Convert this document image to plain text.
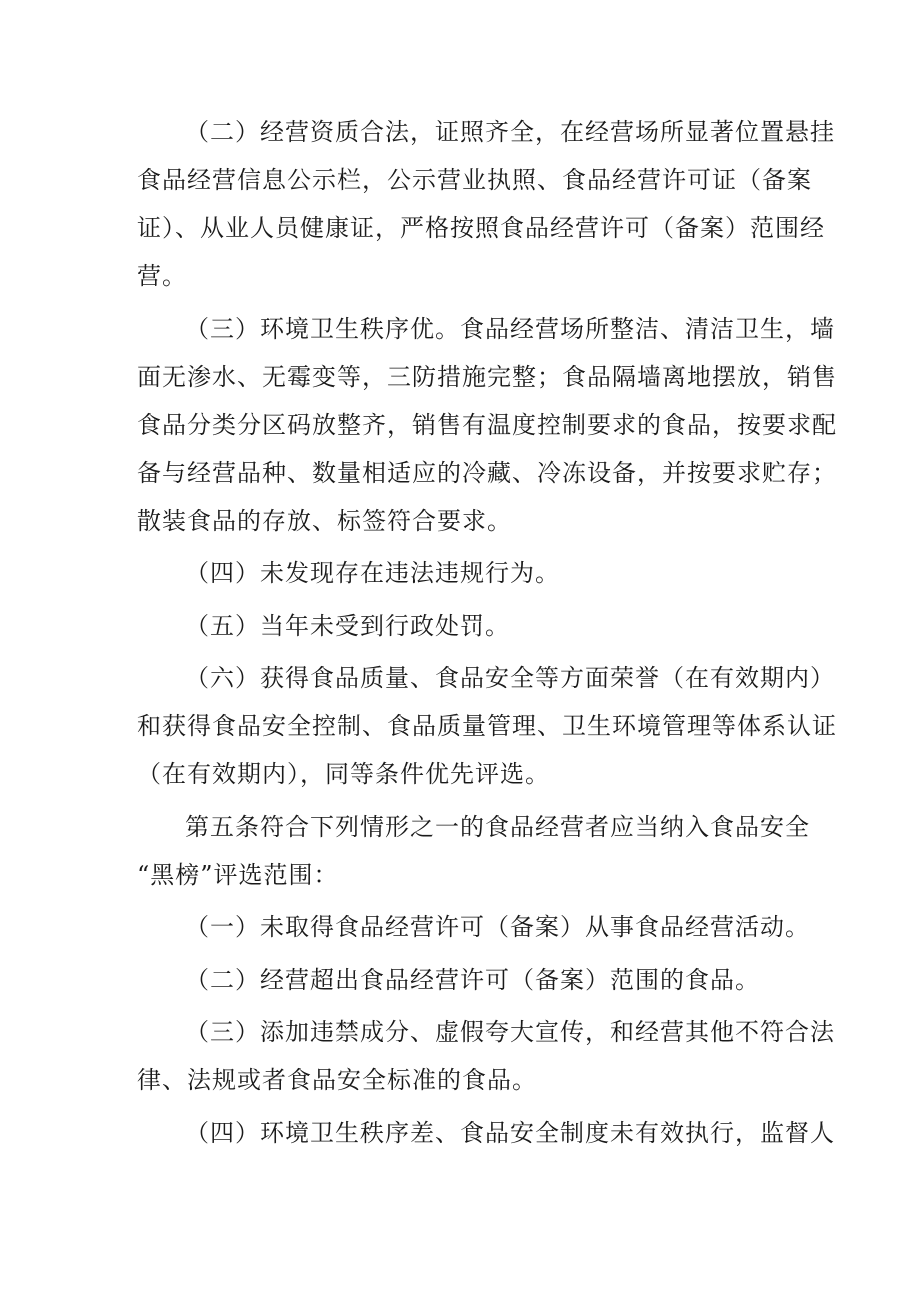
（二）经营资质合法，证照齐全，在经营场所显著位置悬挂
食品经营信息公示栏，公示营业执照、食品经营许可证（备案
证）、从业人员健康证，严格按照食品经营许可（备案）范围经
营。
（三）环境卫生秩序优。食品经营场所整洁、清洁卫生，墙
面无渗水、无霉变等，三防措施完整；食品隔墙离地摆放，销售
食品分类分区码放整齐，销售有温度控制要求的食品，按要求配
备与经营品种、数量相适应的冷藏、冷冻设备，并按要求贮存；
散装食品的存放、标签符合要求。
（四）未发现存在违法违规行为。
（五）当年未受到行政处罚。
（六）获得食品质量、食品安全等方面荣誉（在有效期内）
和获得食品安全控制、食品质量管理、卫生环境管理等体系认证
（在有效期内），同等条件优先评选。
第五条符合下列情形之一的食品经营者应当纳入食品安全
“黑榜”评选范围：
（一）未取得食品经营许可（备案）从事食品经营活动。
（二）经营超出食品经营许可（备案）范围的食品。
（三）添加违禁成分、虚假夸大宣传，和经营其他不符合法
律、法规或者食品安全标准的食品。
（四）环境卫生秩序差、食品安全制度未有效执行，监督人
